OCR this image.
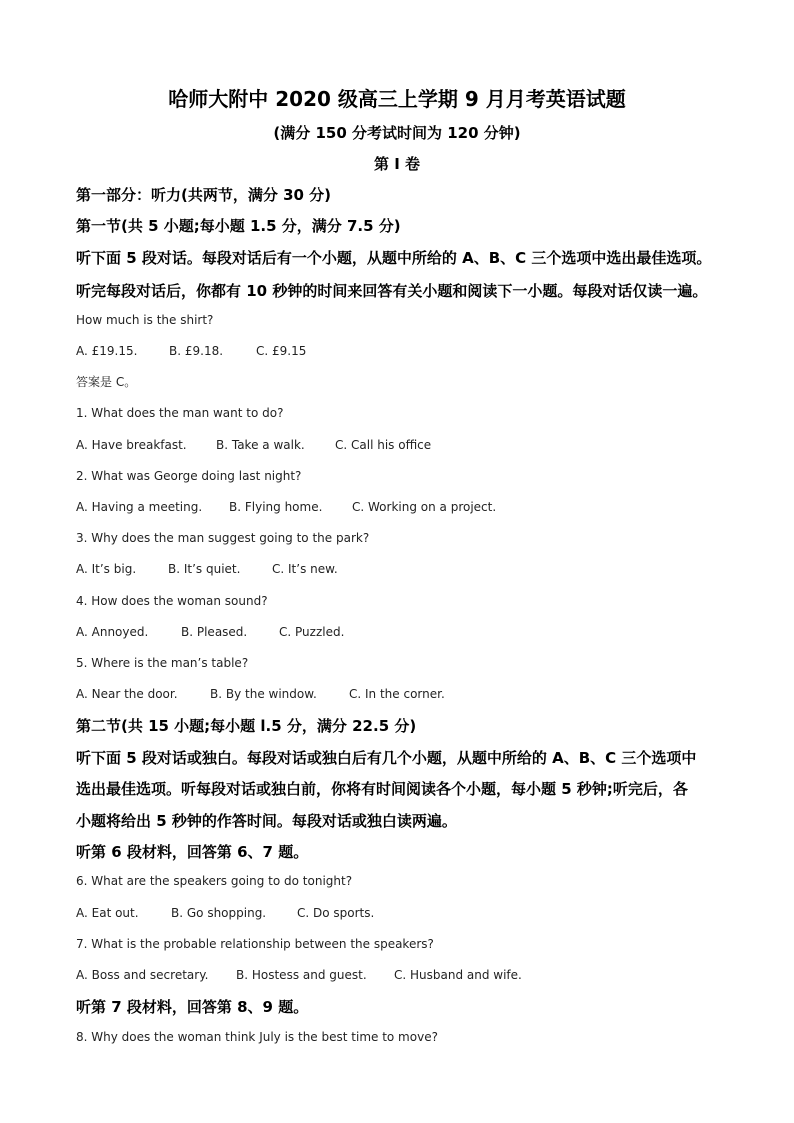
哈师大附中 2020 级高三上学期 9 月月考英语试题
(满分 150 分考试时间为 120 分钟)
第 I 卷
第一部分：听力(共两节，满分 30 分)
第一节(共 5 小题;每小题 1.5 分，满分 7.5 分)
听下面 5 段对话。每段对话后有一个小题，从题中所给的 A、B、C 三个选项中选出最佳选项。
听完每段对话后，你都有 10 秒钟的时间来回答有关小题和阅读下一小题。每段对话仅读一遍。
How much is the shirt?
A. £19.15.	B. £9.18.	C. £9.15
答案是 C。
1. What does the man want to do?
A. Have breakfast. B. Take a walk.	C. Call his office
2. What was George doing last night?
A. Having a meeting. B. Flying home. C. Working on a project.
3. Why does the man suggest going to the park?
A. It’s big.	B. It’s quiet.	C. It’s new.
4. How does the woman sound?
A. Annoyed.	B. Pleased.	C. Puzzled.
5. Where is the man’s table?
A. Near the door.	B. By the window.	C. In the corner.
第二节(共 15 小题;每小题 l.5 分，满分 22.5 分)
听下面 5 段对话或独白。每段对话或独白后有几个小题，从题中所给的 A、B、C 三个选项中
选出最佳选项。听每段对话或独白前，你将有时间阅读各个小题，每小题 5 秒钟;听完后，各
小题将给出 5 秒钟的作答时间。每段对话或独白读两遍。
听第 6 段材料，回答第 6、7 题。
6. What are the speakers going to do tonight?
A. Eat out.	B. Go shopping.	C. Do sports.
7. What is the probable relationship between the speakers?
A. Boss and secretary. B. Hostess and guest. C. Husband and wife.
听第 7 段材料，回答第 8、9 题。
8. Why does the woman think July is the best time to move?
